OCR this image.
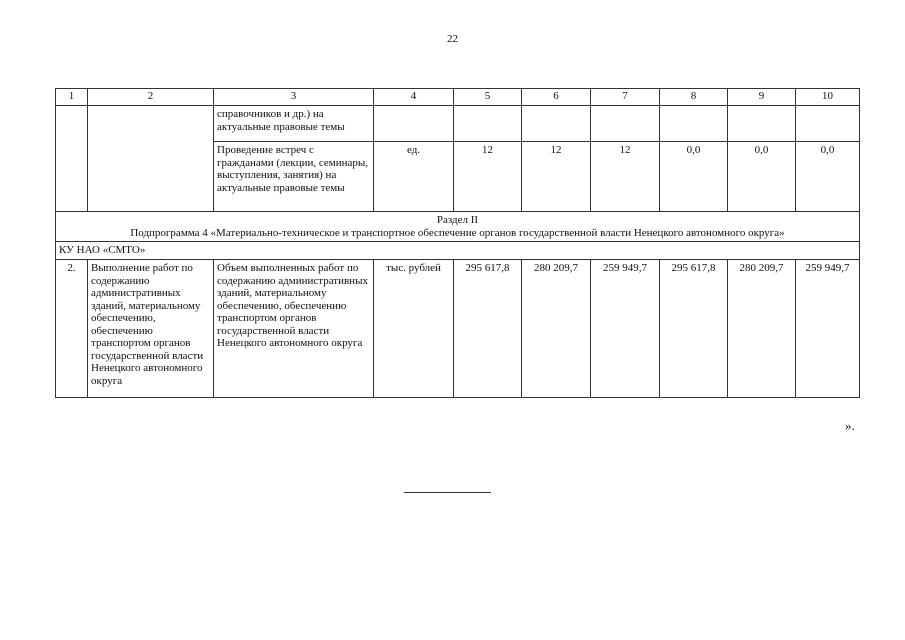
22
1	2	3	4	5	6	7	8	9	10
		справочников и др.) на актуальные правовые темы							
		Проведение встреч с гражданами (лекции, семинары, выступления, занятия) на актуальные правовые темы	ед.	12	12	12	0,0	0,0	0,0

Раздел II
Подпрограмма 4 «Материально-техническое и транспортное обеспечение органов государственной власти Ненецкого автономного округа»									

КУ НАО «СМТО»									
2.	Выполнение работ по содержанию административных зданий, материальному обеспечению, обеспечению транспортом органов государственной власти Ненецкого автономного округа	Объем выполненных работ по содержанию административных зданий, материальному обеспечению, обеспечению транспортом органов государственной власти Ненецкого автономного округа	тыс. рублей	295 617,8	280 209,7	259 949,7	295 617,8	280 209,7	259 949,7
».
